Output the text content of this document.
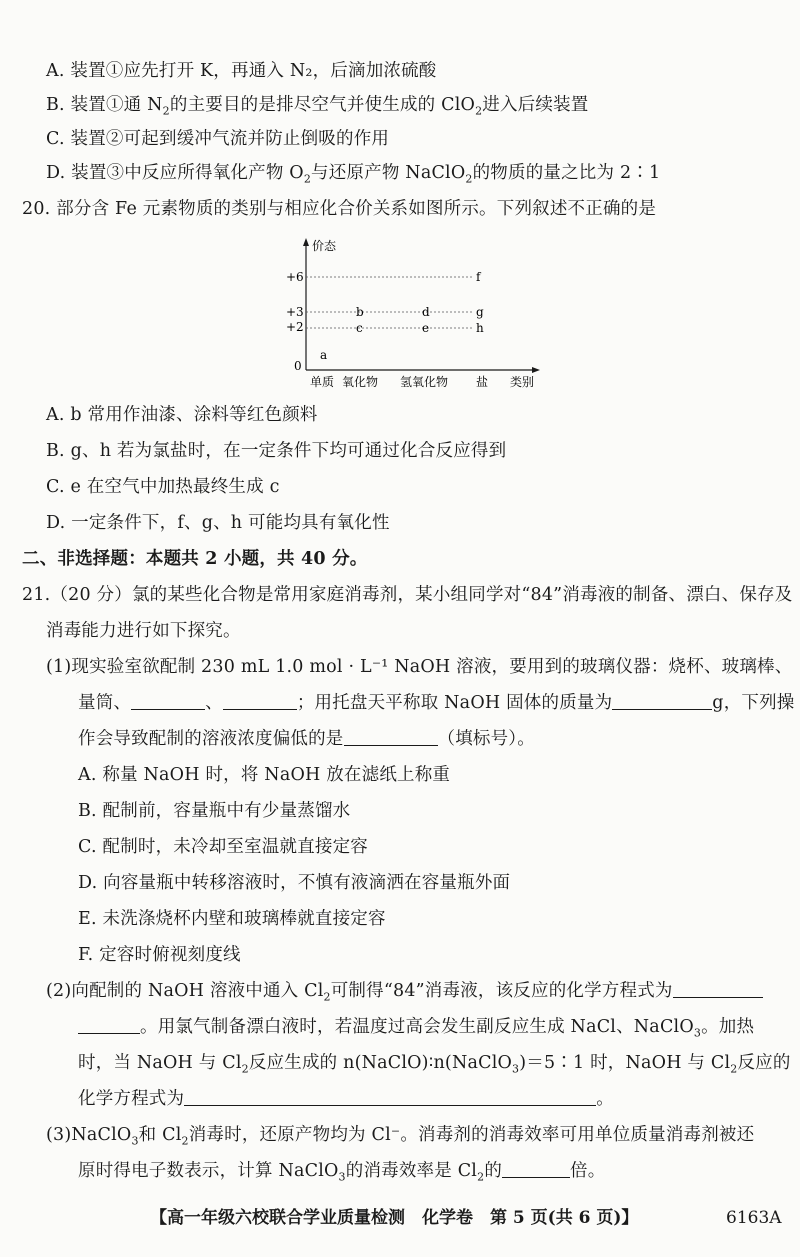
A. 装置①应先打开 K，再通入 N₂，后滴加浓硫酸
B. 装置①通 $N_2$的主要目的是排尽空气并使生成的 ClO$_2$进入后续装置
C. 装置②可起到缓冲气流并防止倒吸的作用
D. 装置③中反应所得氧化产物 $O_2$与还原产物 NaClO$_2$的物质的量之比为 2∶1
20. 部分含 Fe 元素物质的类别与相应化合价关系如图所示。下列叙述不正确的是
价态
类别
+6
+3
+2
0
a
b
c
d
e
f
g
h
单质 氧化物 氢氧化物 盐
A. b 常用作油漆、涂料等红色颜料
B. g、h 若为氯盐时，在一定条件下均可通过化合反应得到
C. e 在空气中加热最终生成 c
D. 一定条件下，f、g、h 可能均具有氧化性
二、非选择题：本题共 2 小题，共 40 分。
21.（20 分）氯的某些化合物是常用家庭消毒剂，某小组同学对“84”消毒液的制备、漂白、保存及
消毒能力进行如下探究。
(1)现实验室欲配制 230 mL 1.0 mol · L⁻¹ NaOH 溶液，要用到的玻璃仪器：烧杯、玻璃棒、
量筒、	、	；用托盘天平称取 NaOH 固体的质量为	g，下列操
作会导致配制的溶液浓度偏低的是	（填标号）。
A. 称量 NaOH 时，将 NaOH 放在滤纸上称重
B. 配制前，容量瓶中有少量蒸馏水
C. 配制时，未冷却至室温就直接定容
D. 向容量瓶中转移溶液时，不慎有液滴洒在容量瓶外面
E. 未洗涤烧杯内壁和玻璃棒就直接定容
F. 定容时俯视刻度线
(2)向配制的 NaOH 溶液中通入 $Cl_2$可制得“84”消毒液，该反应的化学方程式为
。用氯气制备漂白液时，若温度过高会发生副反应生成 NaCl、NaClO$_3$。加热
时，当 NaOH 与 $Cl_2$反应生成的 n(NaClO)∶n(NaClO$_3$)＝5∶1 时，NaOH 与 $Cl_2$反应的
化学方程式为	。
(3)NaClO$_3$和 $Cl_2$消毒时，还原产物均为 Cl⁻。消毒剂的消毒效率可用单位质量消毒剂被还
原时得电子数表示，计算 NaClO$_3$的消毒效率是 $Cl_2$的	倍。
【高一年级六校联合学业质量检测　化学卷　第 5 页(共 6 页)】	6163A
